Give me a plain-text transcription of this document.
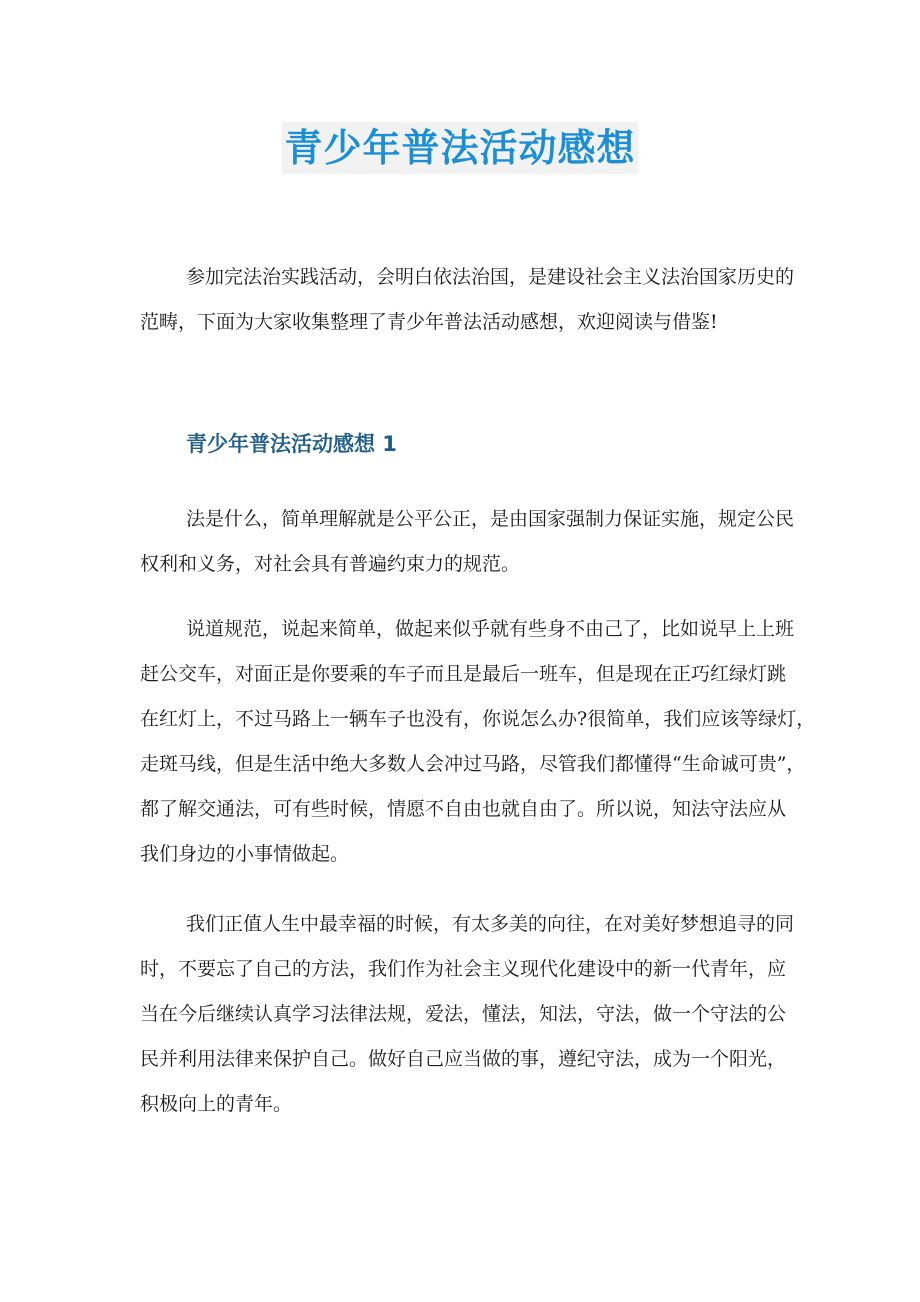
青少年普法活动感想

参加完法治实践活动，会明白依法治国，是建设社会主义法治国家历史的
范畴，下面为大家收集整理了青少年普法活动感想，欢迎阅读与借鉴!

青少年普法活动感想 1

法是什么，简单理解就是公平公正，是由国家强制力保证实施，规定公民
权利和义务，对社会具有普遍约束力的规范。

说道规范，说起来简单，做起来似乎就有些身不由己了，比如说早上上班
赶公交车，对面正是你要乘的车子而且是最后一班车，但是现在正巧红绿灯跳
在红灯上，不过马路上一辆车子也没有，你说怎么办?很简单，我们应该等绿灯，
走斑马线，但是生活中绝大多数人会冲过马路，尽管我们都懂得“生命诚可贵”，
都了解交通法，可有些时候，情愿不自由也就自由了。所以说，知法守法应从
我们身边的小事情做起。

我们正值人生中最幸福的时候，有太多美的向往，在对美好梦想追寻的同
时，不要忘了自己的方法，我们作为社会主义现代化建设中的新一代青年，应
当在今后继续认真学习法律法规，爱法，懂法，知法，守法，做一个守法的公
民并利用法律来保护自己。做好自己应当做的事，遵纪守法，成为一个阳光，
积极向上的青年。
